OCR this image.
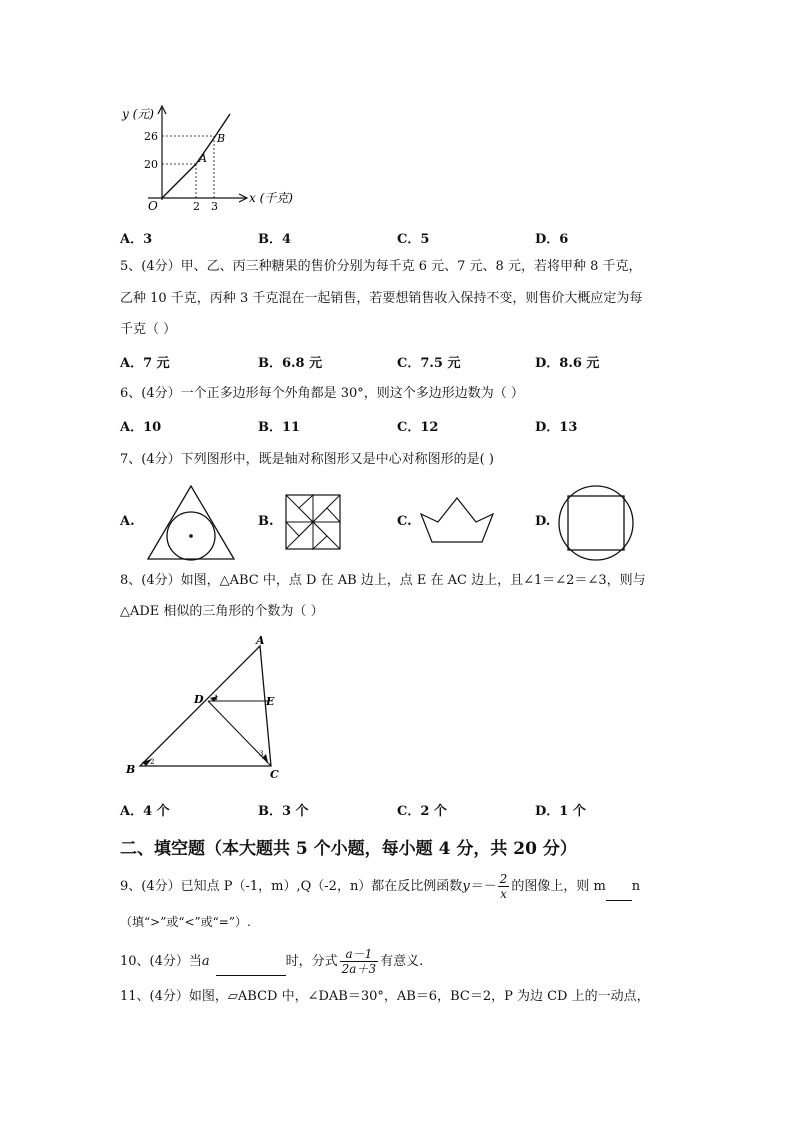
y (元)
x (千克)
O
26
20
2 3
A
B
A．3	B．4	C．5	D．6
5、(4分）甲、乙、丙三种糖果的售价分别为每千克 6 元、7 元、8 元，若将甲种 8 千克，
乙种 10 千克，丙种 3 千克混在一起销售，若要想销售收入保持不变，则售价大概应定为每
千克（ ）
A．7 元	B．6.8 元	C．7.5 元	D．8.6 元
6、(4分）一个正多边形每个外角都是 30°，则这个多边形边数为（ ）
A．10	B．11	C．12	D．13
7、(4分）下列图形中，既是轴对称图形又是中心对称图形的是( )
A.	B.	C.	D.
8、(4分）如图，△ABC 中，点 D 在 AB 边上，点 E 在 AC 边上，且∠1＝∠2＝∠3，则与
△ADE 相似的三角形的个数为（ ）
A
B	C
D	E
1
2
3
A．4 个	B．3 个	C．2 个	D．1 个
二、填空题（本大题共 5 个小题，每小题 4 分，共 20 分）
9、(4分）已知点 P（-1，m）,Q（-2，n）都在反比例函数$y=- \frac{2}{x}$ 的图像上，则 m n
（填“>”或“<”或“=”）.
10、(4分）当a	时，分式 $\frac{a-1}{2a+3}$ 有意义.
11、(4分）如图，▱ABCD 中，∠DAB＝30°，AB＝6，BC＝2，P 为边 CD 上的一动点，
